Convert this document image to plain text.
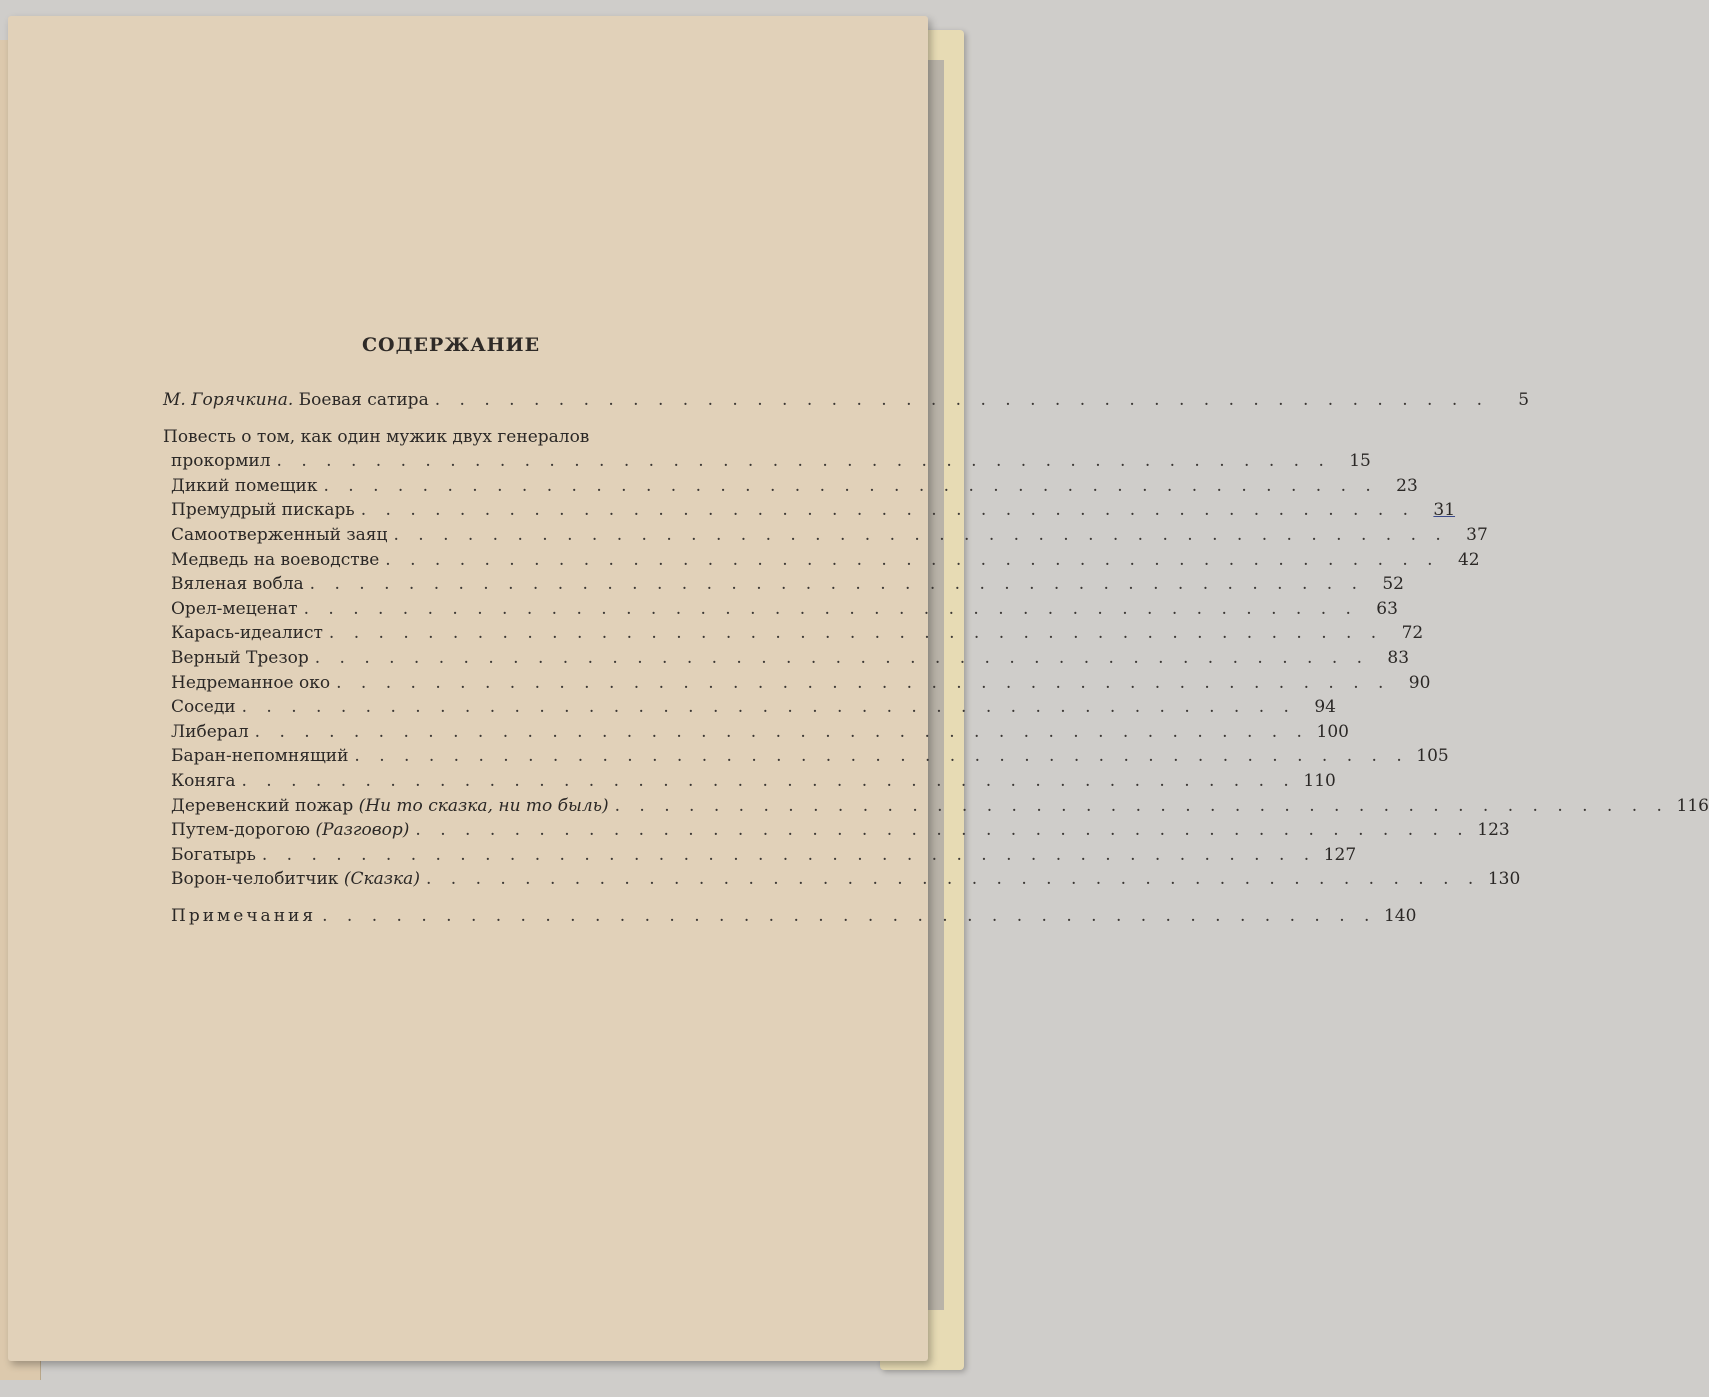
СОДЕРЖАНИЕ
М. Горячкина. Боевая сатира . . . . . . . . . . . . . . . . . . . . . . . . . . . . . . . . . . . . . . . . . . .	5
Повесть о том, как один мужик двух генералов
прокормил . . . . . . . . . . . . . . . . . . . . . . . . . . . . . . . . . . . . . . . . . . .	15
Дикий помещик . . . . . . . . . . . . . . . . . . . . . . . . . . . . . . . . . . . . . . . . . . .	23
Премудрый пискарь . . . . . . . . . . . . . . . . . . . . . . . . . . . . . . . . . . . . . . . . . . .	31
Самоотверженный заяц . . . . . . . . . . . . . . . . . . . . . . . . . . . . . . . . . . . . . . . . . . .	37
Медведь на воеводстве . . . . . . . . . . . . . . . . . . . . . . . . . . . . . . . . . . . . . . . . . . .	42
Вяленая вобла . . . . . . . . . . . . . . . . . . . . . . . . . . . . . . . . . . . . . . . . . . .	52
Орел-меценат . . . . . . . . . . . . . . . . . . . . . . . . . . . . . . . . . . . . . . . . . . .	63
Карась-идеалист . . . . . . . . . . . . . . . . . . . . . . . . . . . . . . . . . . . . . . . . . . .	72
Верный Трезор . . . . . . . . . . . . . . . . . . . . . . . . . . . . . . . . . . . . . . . . . . .	83
Недреманное око . . . . . . . . . . . . . . . . . . . . . . . . . . . . . . . . . . . . . . . . . . .	90
Соседи . . . . . . . . . . . . . . . . . . . . . . . . . . . . . . . . . . . . . . . . . . .	94
Либерал . . . . . . . . . . . . . . . . . . . . . . . . . . . . . . . . . . . . . . . . . . . 100
Баран-непомнящий . . . . . . . . . . . . . . . . . . . . . . . . . . . . . . . . . . . . . . . . . . . 105
Коняга . . . . . . . . . . . . . . . . . . . . . . . . . . . . . . . . . . . . . . . . . . . 110
Деревенский пожар (Ни то сказка, ни то быль) . . . . . . . . . . . . . . . . . . . . . . . . . . . . . . . . . . . . . . . . . . . 116
Путем-дорогою (Разговор) . . . . . . . . . . . . . . . . . . . . . . . . . . . . . . . . . . . . . . . . . . . 123
Богатырь . . . . . . . . . . . . . . . . . . . . . . . . . . . . . . . . . . . . . . . . . . . 127
Ворон-челобитчик (Сказка) . . . . . . . . . . . . . . . . . . . . . . . . . . . . . . . . . . . . . . . . . . . 130
Примечания . . . . . . . . . . . . . . . . . . . . . . . . . . . . . . . . . . . . . . . . . . . 140
